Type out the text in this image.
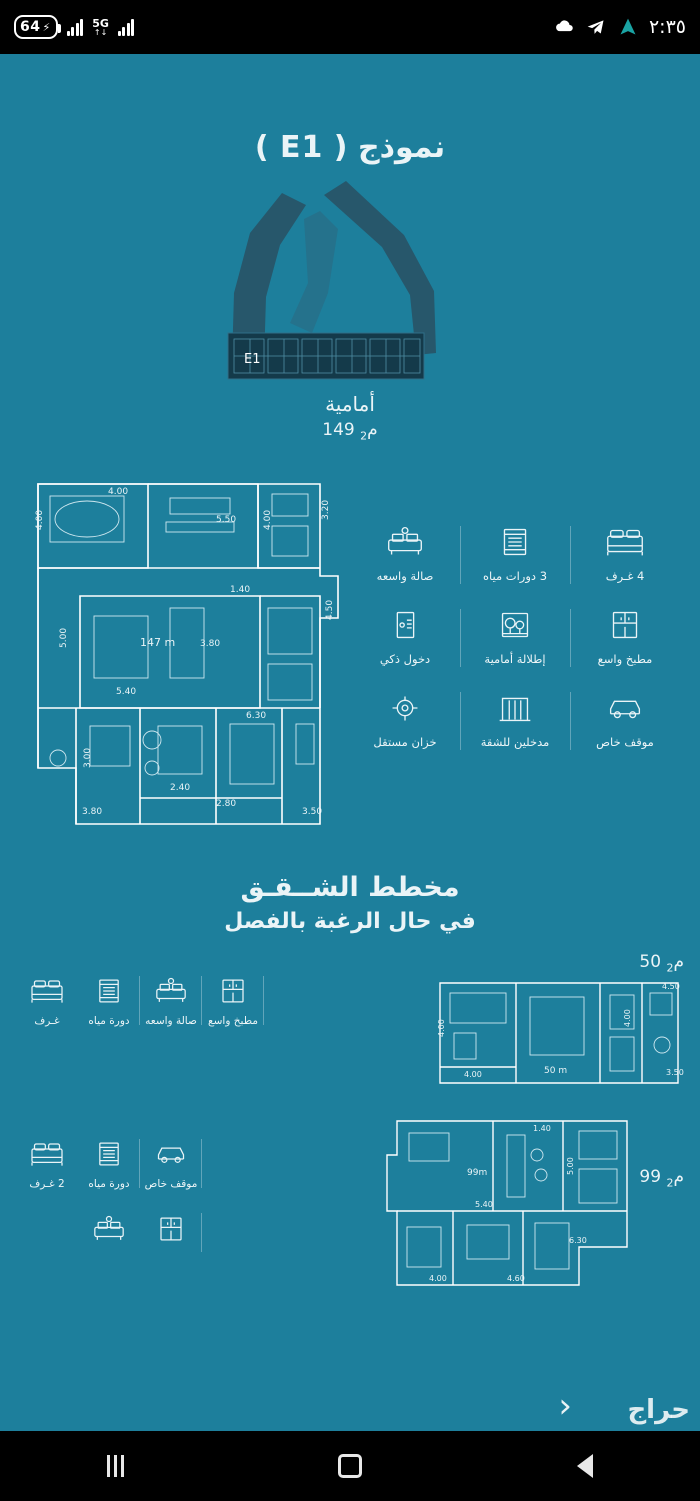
64 ⚡	5G
↑↓	٢:٣٥
نموذج ( E1 )
E1
أمامية
م$_2$ 149
4.00
5.50
4.00	4.00	3.20
1.40
3.80
5.00
5.40
6.30
3.00
2.40
2.80
3.80	3.50
4.50
147 m
4 غـرف
3 دورات مياه
صالة واسعه
مطبخ واسع
إطلالة أمامية
دخول ذكي
موقف خاص
مدخلين للشقة
خزان مستقل
مخطط الشــقـق
في حال الرغبة بالفصل
غـرف	دورة مياه صالة واسعه مطبخ واسع
م$_2$ 50
4.00
4.00
4.00
4.50
3.50
50 m
2 غـرف دورة مياه موقف خاص
1.40
5.00
5.40
6.30
4.00	4.60
99m	م$_2$ 99
› حراج
